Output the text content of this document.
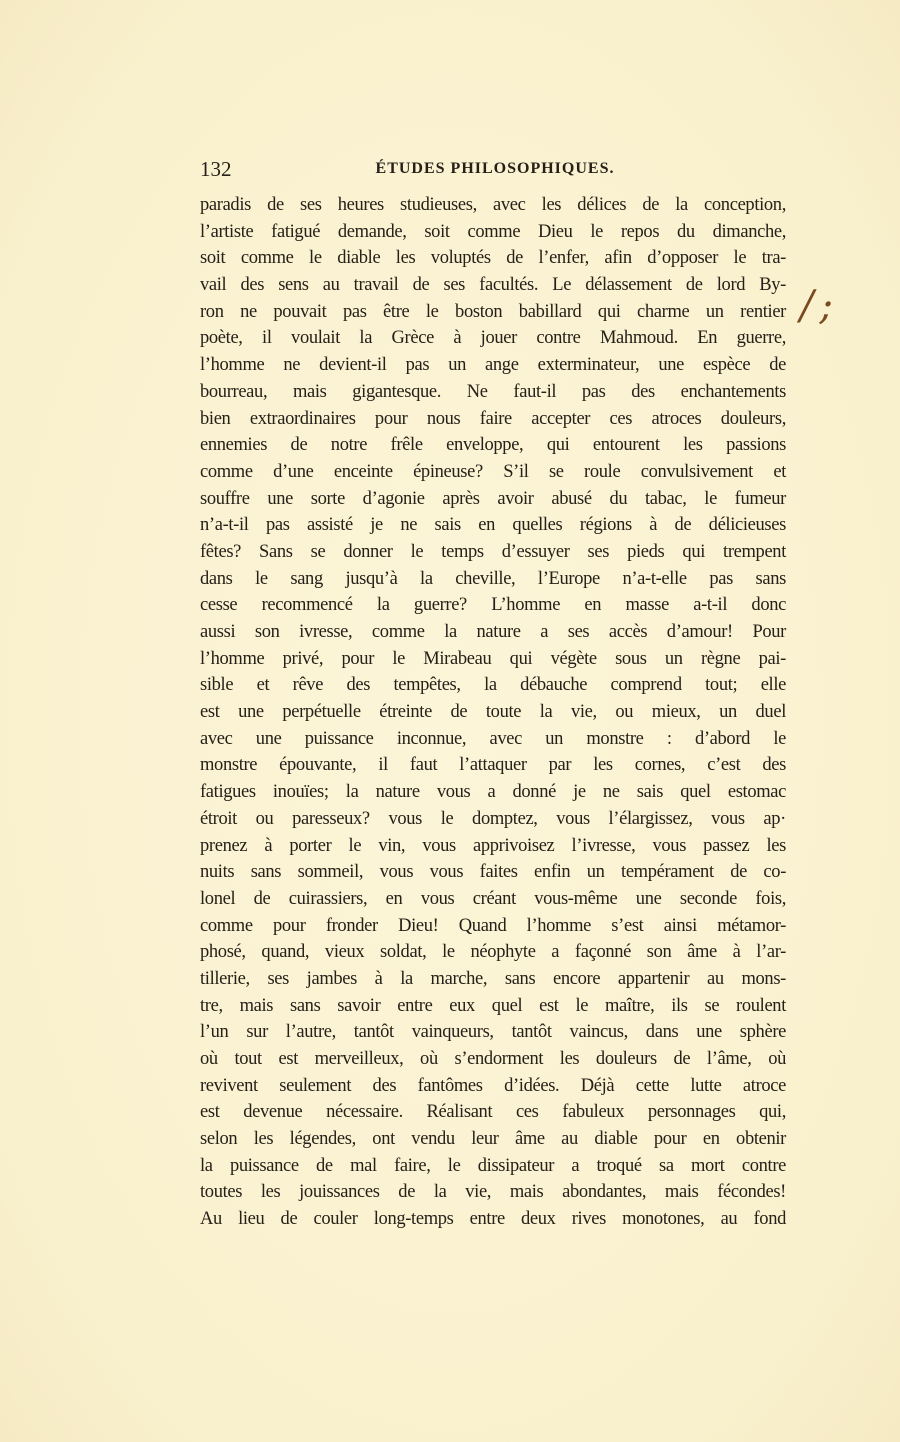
132	ÉTUDES PHILOSOPHIQUES.
paradis de ses heures studieuses, avec les délices de la conception,
l’artiste fatigué demande, soit comme Dieu le repos du dimanche,
soit comme le diable les voluptés de l’enfer, afin d’opposer le tra-
vail des sens au travail de ses facultés. Le délassement de lord By-
ron ne pouvait pas être le boston babillard qui charme un rentier
poète, il voulait la Grèce à jouer contre Mahmoud. En guerre,
l’homme ne devient-il pas un ange exterminateur, une espèce de
bourreau, mais gigantesque. Ne faut-il pas des enchantements
bien extraordinaires pour nous faire accepter ces atroces douleurs,
ennemies de notre frêle enveloppe, qui entourent les passions
comme d’une enceinte épineuse? S’il se roule convulsivement et
souffre une sorte d’agonie après avoir abusé du tabac, le fumeur
n’a-t-il pas assisté je ne sais en quelles régions à de délicieuses
fêtes? Sans se donner le temps d’essuyer ses pieds qui trempent
dans le sang jusqu’à la cheville, l’Europe n’a-t-elle pas sans
cesse recommencé la guerre? L’homme en masse a-t-il donc
aussi son ivresse, comme la nature a ses accès d’amour! Pour
l’homme privé, pour le Mirabeau qui végète sous un règne pai-
sible et rêve des tempêtes, la débauche comprend tout; elle
est une perpétuelle étreinte de toute la vie, ou mieux, un duel
avec une puissance inconnue, avec un monstre : d’abord le
monstre épouvante, il faut l’attaquer par les cornes, c’est des
fatigues inouïes; la nature vous a donné je ne sais quel estomac
étroit ou paresseux? vous le domptez, vous l’élargissez, vous ap·
prenez à porter le vin, vous apprivoisez l’ivresse, vous passez les
nuits sans sommeil, vous vous faites enfin un tempérament de co-
lonel de cuirassiers, en vous créant vous-même une seconde fois,
comme pour fronder Dieu! Quand l’homme s’est ainsi métamor-
phosé, quand, vieux soldat, le néophyte a façonné son âme à l’ar-
tillerie, ses jambes à la marche, sans encore appartenir au mons-
tre, mais sans savoir entre eux quel est le maître, ils se roulent
l’un sur l’autre, tantôt vainqueurs, tantôt vaincus, dans une sphère
où tout est merveilleux, où s’endorment les douleurs de l’âme, où
revivent seulement des fantômes d’idées. Déjà cette lutte atroce
est devenue nécessaire. Réalisant ces fabuleux personnages qui,
selon les légendes, ont vendu leur âme au diable pour en obtenir
la puissance de mal faire, le dissipateur a troqué sa mort contre
toutes les jouissances de la vie, mais abondantes, mais fécondes!
Au lieu de couler long-temps entre deux rives monotones, au fond
/;
